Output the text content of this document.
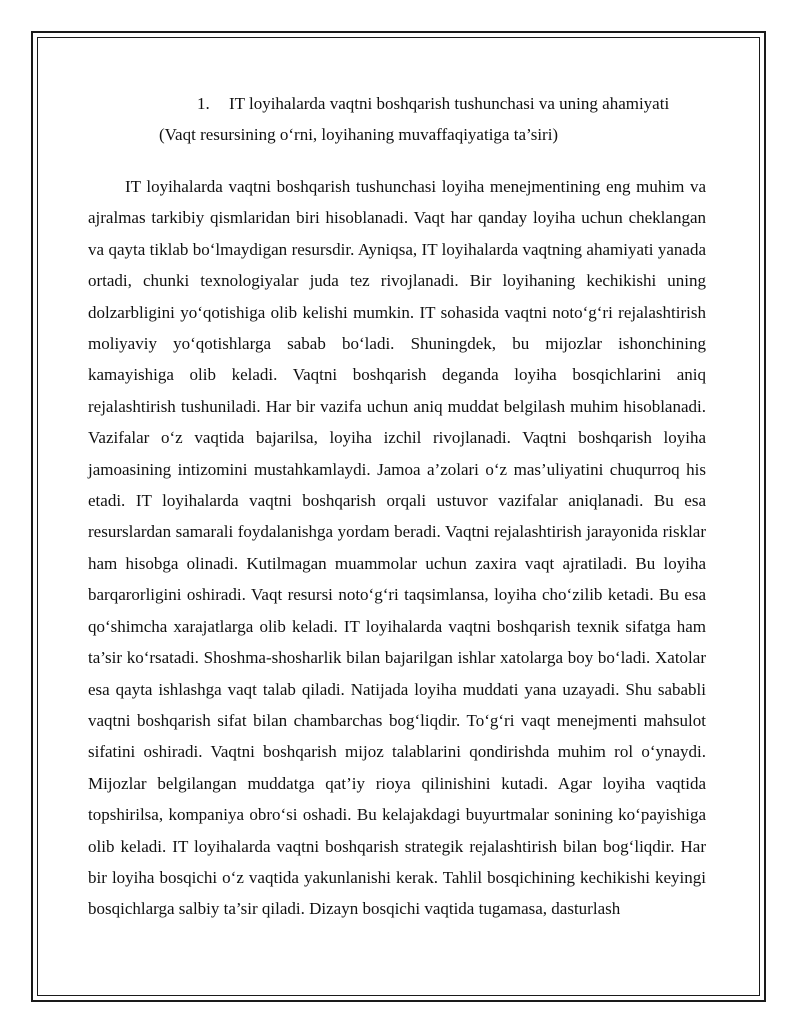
1. IT loyihalarda vaqtni boshqarish tushunchasi va uning ahamiyati
(Vaqt resursining o‘rni, loyihaning muvaffaqiyatiga ta’siri)

IT loyihalarda vaqtni boshqarish tushunchasi loyiha menejmentining eng muhim va ajralmas tarkibiy qismlaridan biri hisoblanadi. Vaqt har qanday loyiha uchun cheklangan va qayta tiklab bo‘lmaydigan resursdir. Ayniqsa, IT loyihalarda vaqtning ahamiyati yanada ortadi, chunki texnologiyalar juda tez rivojlanadi. Bir loyihaning kechikishi uning dolzarbligini yo‘qotishiga olib kelishi mumkin. IT sohasida vaqtni noto‘g‘ri rejalashtirish moliyaviy yo‘qotishlarga sabab bo‘ladi. Shuningdek, bu mijozlar ishonchining kamayishiga olib keladi. Vaqtni boshqarish deganda loyiha bosqichlarini aniq rejalashtirish tushuniladi. Har bir vazifa uchun aniq muddat belgilash muhim hisoblanadi. Vazifalar o‘z vaqtida bajarilsa, loyiha izchil rivojlanadi. Vaqtni boshqarish loyiha jamoasining intizomini mustahkamlaydi. Jamoa a’zolari o‘z mas’uliyatini chuqurroq his etadi. IT loyihalarda vaqtni boshqarish orqali ustuvor vazifalar aniqlanadi. Bu esa resurslardan samarali foydalanishga yordam beradi. Vaqtni rejalashtirish jarayonida risklar ham hisobga olinadi. Kutilmagan muammolar uchun zaxira vaqt ajratiladi. Bu loyiha barqarorligini oshiradi. Vaqt resursi noto‘g‘ri taqsimlansa, loyiha cho‘zilib ketadi. Bu esa qo‘shimcha xarajatlarga olib keladi. IT loyihalarda vaqtni boshqarish texnik sifatga ham ta’sir ko‘rsatadi. Shoshma-shosharlik bilan bajarilgan ishlar xatolarga boy bo‘ladi. Xatolar esa qayta ishlashga vaqt talab qiladi. Natijada loyiha muddati yana uzayadi. Shu sababli vaqtni boshqarish sifat bilan chambarchas bog‘liqdir. To‘g‘ri vaqt menejmenti mahsulot sifatini oshiradi. Vaqtni boshqarish mijoz talablarini qondirishda muhim rol o‘ynaydi. Mijozlar belgilangan muddatga qat’iy rioya qilinishini kutadi. Agar loyiha vaqtida topshirilsa, kompaniya obro‘si oshadi. Bu kelajakdagi buyurtmalar sonining ko‘payishiga olib keladi. IT loyihalarda vaqtni boshqarish strategik rejalashtirish bilan bog‘liqdir. Har bir loyiha bosqichi o‘z vaqtida yakunlanishi kerak. Tahlil bosqichining kechikishi keyingi bosqichlarga salbiy ta’sir qiladi. Dizayn bosqichi vaqtida tugamasa, dasturlash
